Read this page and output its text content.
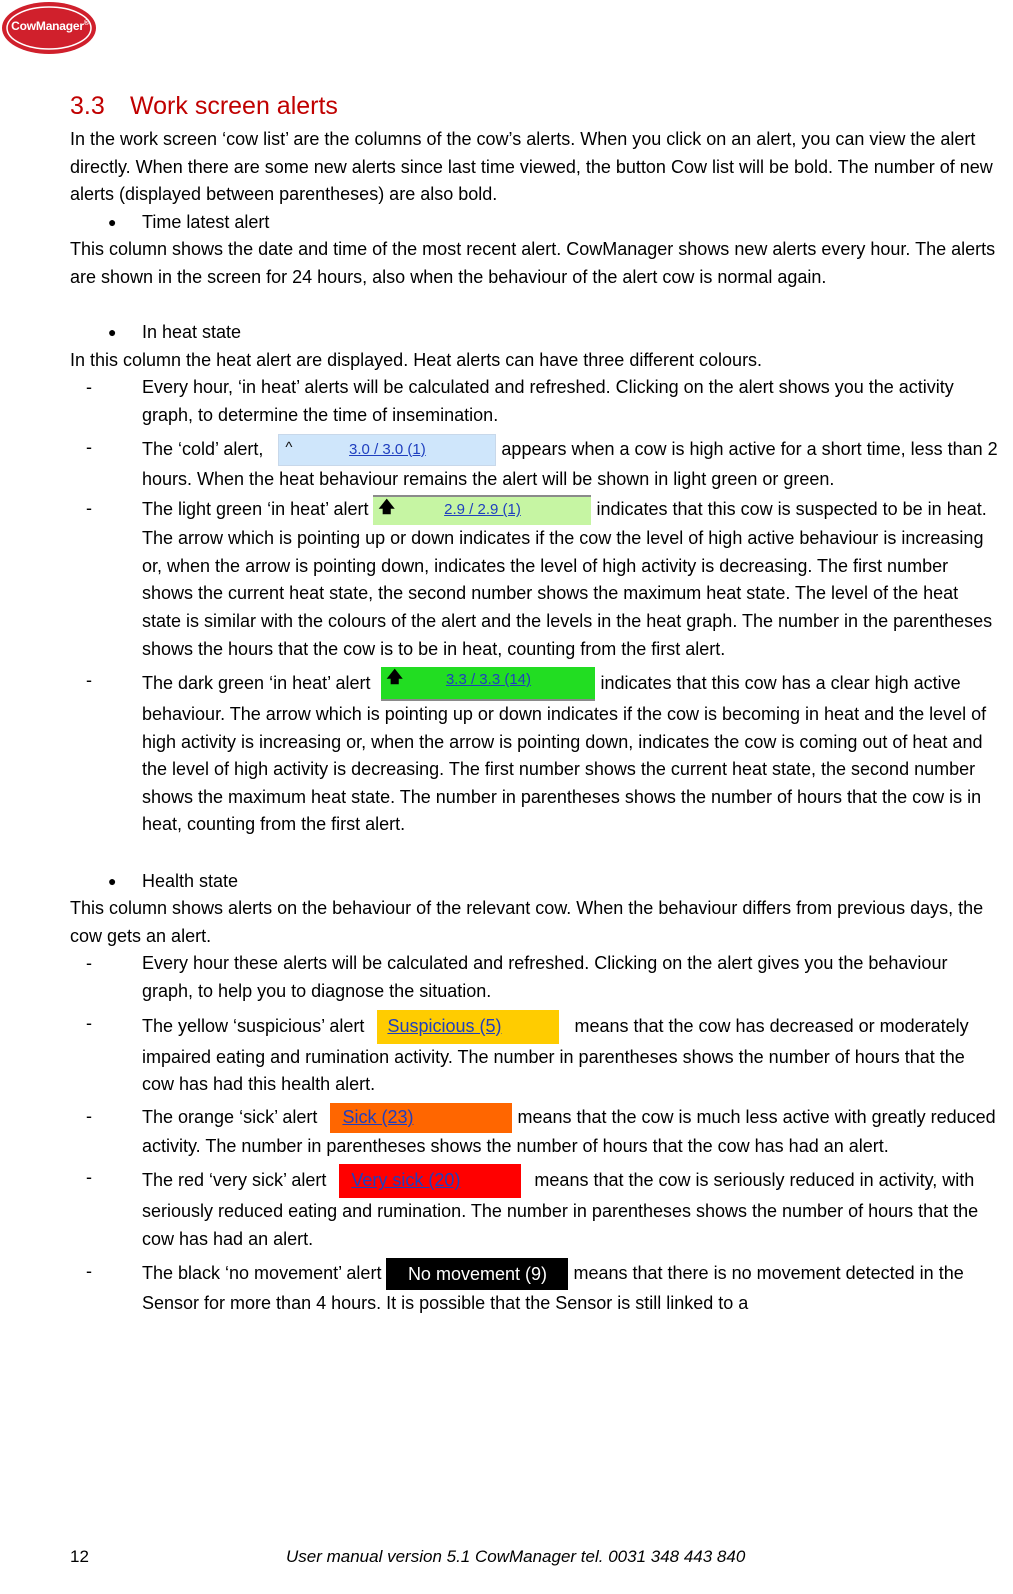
CowManager®
3.3 Work screen alerts

In the work screen ‘cow list’ are the columns of the cow’s alerts. When you click on an alert, you can view the alert directly. When there are some new alerts since last time viewed, the button Cow list will be bold. The number of new alerts (displayed between parentheses) are also bold.

● Time latest alert

This column shows the date and time of the most recent alert. CowManager shows new alerts every hour. The alerts are shown in the screen for 24 hours, also when the behaviour of the alert cow is normal again.

● In heat state

In this column the heat alert are displayed. Heat alerts can have three different colours.

-	Every hour, ‘in heat’ alerts will be calculated and refreshed. Clicking on the alert shows you the activity graph, to determine the time of insemination.
-	The ‘cold’ alert, ^	3.0 / 3.0 (1)	appears when a cow is high active for a short time, less than 2 hours. When the heat behaviour remains the alert will be shown in light green or green.
-	The light green ‘in heat’ alert 🡅	2.9 / 2.9 (1)	indicates that this cow is suspected to be in heat. The arrow which is pointing up or down indicates if the cow the level of high active behaviour is increasing or, when the arrow is pointing down, indicates the level of high activity is decreasing. The first number shows the current heat state, the second number shows the maximum heat state. The level of the heat state is similar with the colours of the alert and the levels in the heat graph. The number in the parentheses shows the hours that the cow is to be in heat, counting from the first alert.
-	The dark green ‘in heat’ alert 🡅	3.3 / 3.3 (14)	indicates that this cow has a clear high active behaviour. The arrow which is pointing up or down indicates if the cow is becoming in heat and the level of high activity is increasing or, when the arrow is pointing down, indicates the cow is coming out of heat and the level of high activity is decreasing. The first number shows the current heat state, the second number shows the maximum heat state. The number in parentheses shows the number of hours that the cow is in heat, counting from the first alert.
● Health state

This column shows alerts on the behaviour of the relevant cow. When the behaviour differs from previous days, the cow gets an alert.

-	Every hour these alerts will be calculated and refreshed. Clicking on the alert gives you the behaviour graph, to help you to diagnose the situation.
-	The yellow ‘suspicious’ alert Suspicious (5)	means that the cow has decreased or moderately impaired eating and rumination activity. The number in parentheses shows the number of hours that the cow has had this health alert.
-	The orange ‘sick’ alert Sick (23)	means that the cow is much less active with greatly reduced activity. The number in parentheses shows the number of hours that the cow has had an alert.
-	The red ‘very sick’ alert Very sick (20)	means that the cow is seriously reduced in activity, with seriously reduced eating and rumination. The number in parentheses shows the number of hours that the cow has had an alert.
-	The black ‘no movement’ alert No movement (9) means that there is no movement detected in the Sensor for more than 4 hours. It is possible that the Sensor is still linked to a
12	User manual version 5.1 CowManager tel. 0031 348 443 840
